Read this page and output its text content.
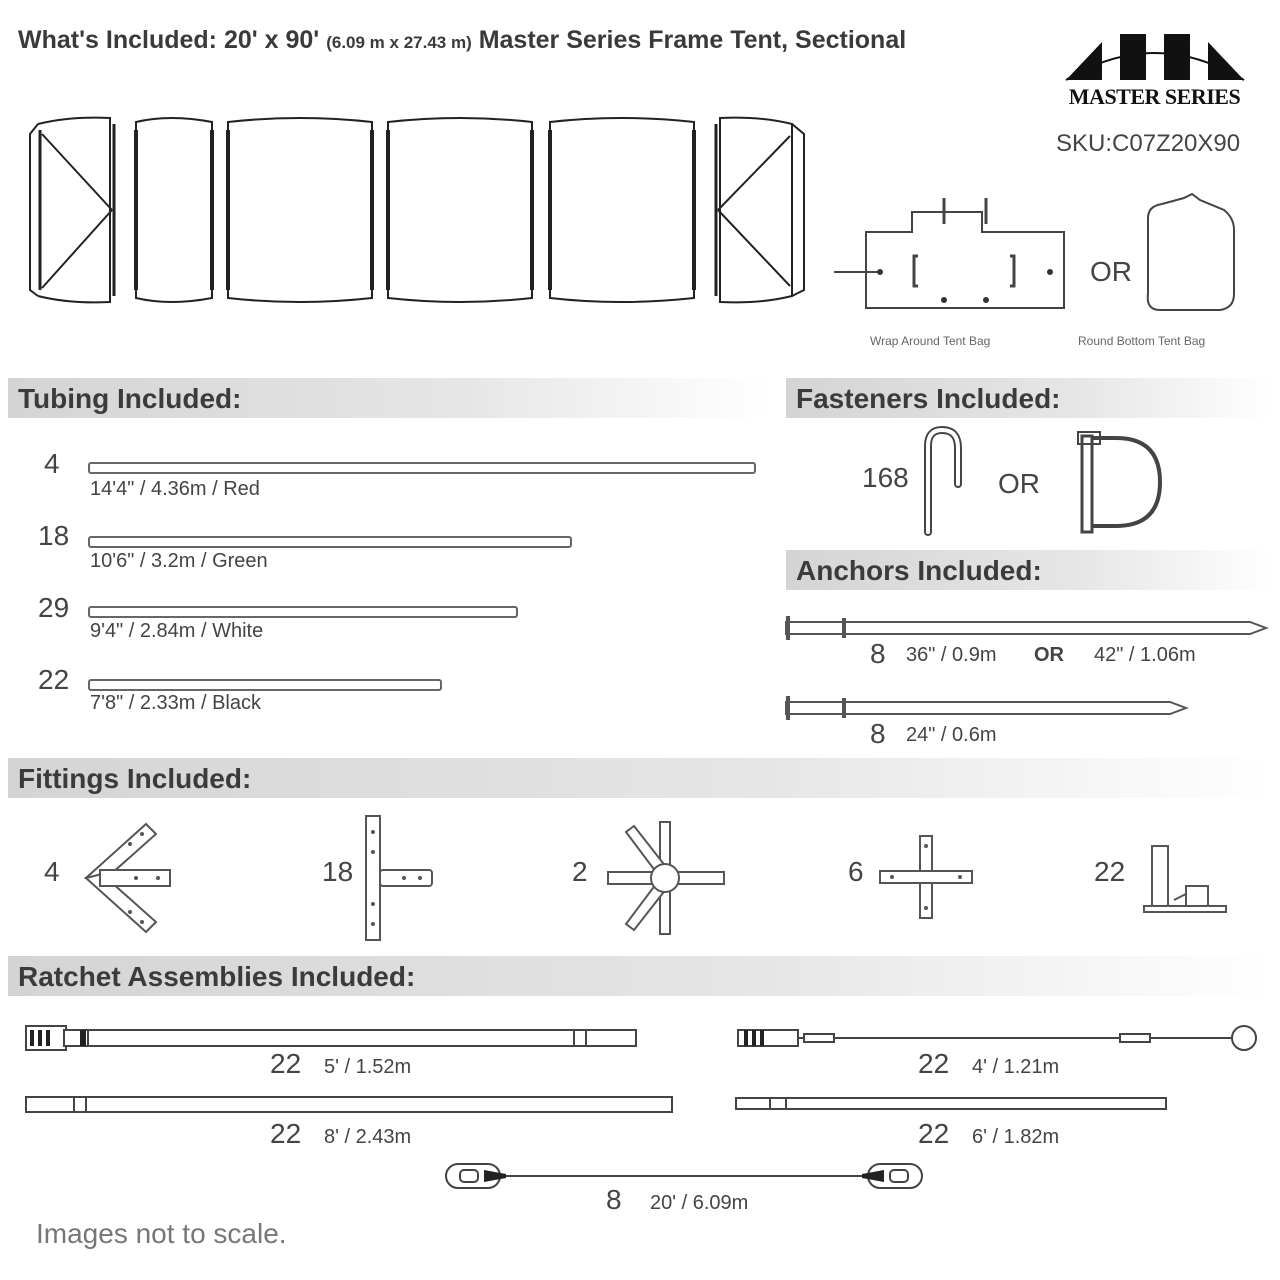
What's Included: 20' x 90' (6.09 m x 27.43 m) Master Series Frame Tent, Sectional
MASTER SERIES
SKU:C07Z20X90
OR
Wrap Around Tent Bag	Round Bottom Tent Bag
Tubing Included:
4
14'4" / 4.36m / Red
18
10'6" / 3.2m / Green
29
9'4" / 2.84m / White
22
7'8" / 2.33m / Black
Fasteners Included:
168	OR
Anchors Included:
8 36" / 0.9m OR 42" / 1.06m
8 24" / 0.6m
Fittings Included:
4	18	2	6	22
Ratchet Assemblies Included:
22 5' / 1.52m	22 4' / 1.21m
22 8' / 2.43m	22 6' / 1.82m
8 20' / 6.09m
Images not to scale.
